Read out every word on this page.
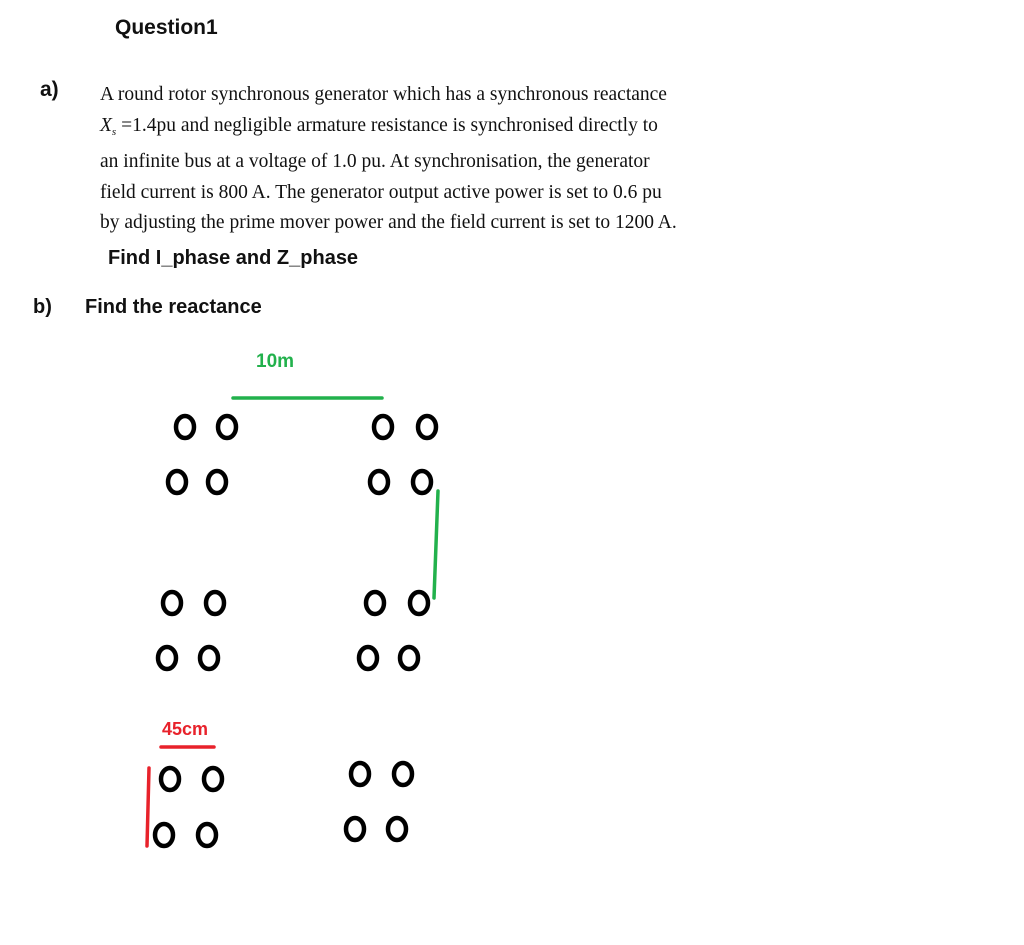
Question1
a) A round rotor synchronous generator which has a synchronous reactance
$X_s =1.4pu$ and negligible armature resistance is synchronised directly to
an infinite bus at a voltage of 1.0 pu. At synchronisation, the generator
field current is 800 A. The generator output active power is set to 0.6 pu
by adjusting the prime mover power and the field current is set to 1200 A.
Find I_phase and Z_phase
b) Find the reactance
10m
45cm
